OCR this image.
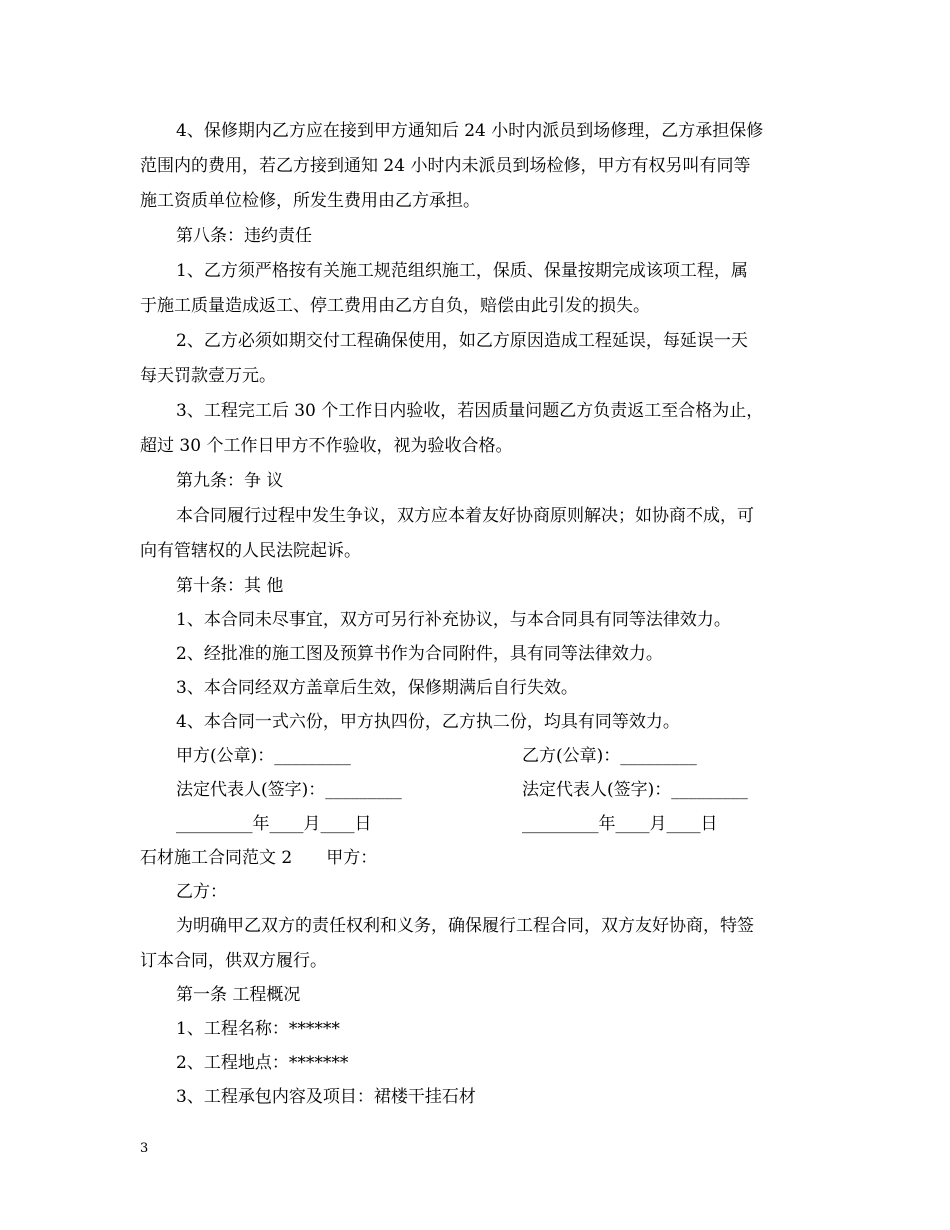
4、保修期内乙方应在接到甲方通知后 24 小时内派员到场修理，乙方承担保修
范围内的费用，若乙方接到通知 24 小时内未派员到场检修，甲方有权另叫有同等
施工资质单位检修，所发生费用由乙方承担。
第八条：违约责任
1、乙方须严格按有关施工规范组织施工，保质、保量按期完成该项工程，属
于施工质量造成返工、停工费用由乙方自负，赔偿由此引发的损失。
2、乙方必须如期交付工程确保使用，如乙方原因造成工程延误，每延误一天
每天罚款壹万元。
3、工程完工后 30 个工作日内验收，若因质量问题乙方负责返工至合格为止，
超过 30 个工作日甲方不作验收，视为验收合格。
第九条：争 议
本合同履行过程中发生争议，双方应本着友好协商原则解决；如协商不成，可
向有管辖权的人民法院起诉。
第十条：其 他
1、本合同未尽事宜，双方可另行补充协议，与本合同具有同等法律效力。
2、经批准的施工图及预算书作为合同附件，具有同等法律效力。
3、本合同经双方盖章后生效，保修期满后自行失效。
4、本合同一式六份，甲方执四份，乙方执二份，均具有同等效力。
甲方(公章)：_________	乙方(公章)：_________
法定代表人(签字)：_________	法定代表人(签字)：_________
_________年____月____日	_________年____月____日
石材施工合同范文 2　　甲方：
乙方：
为明确甲乙双方的责任权利和义务，确保履行工程合同，双方友好协商，特签
订本合同，供双方履行。
第一条 工程概况
1、工程名称：******
2、工程地点：*******
3、工程承包内容及项目：裙楼干挂石材
3
